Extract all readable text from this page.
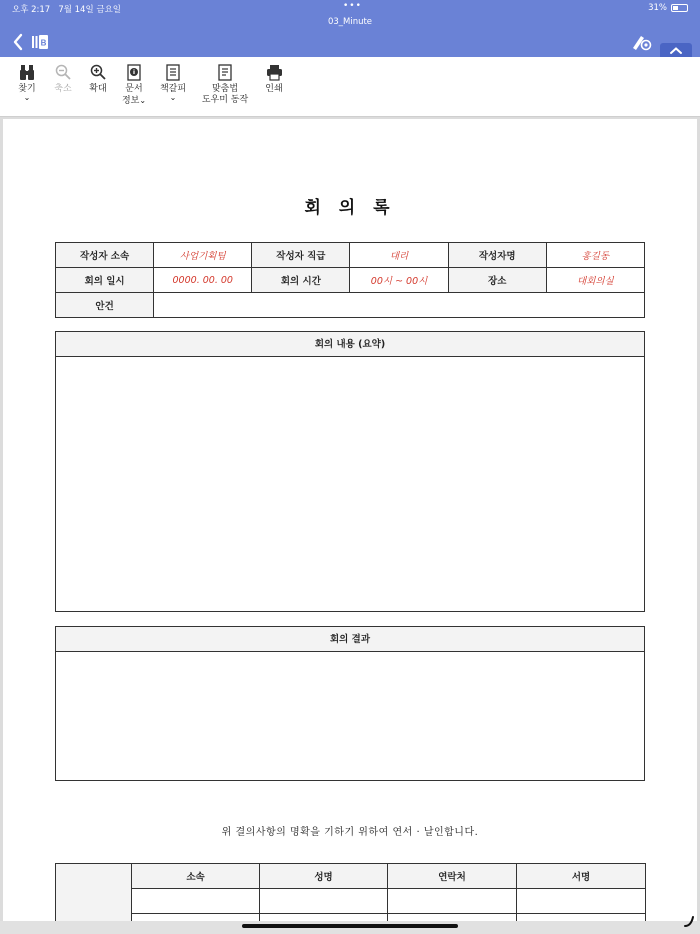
오후 2:17 7월 14일 금요일	•••	31%
03_Minute
B
찾기
⌄
축소	확대	문서
정보⌄
책갈피
⌄
맞춤법
도우미 동작
인쇄
회 의 록
작성자 소속	사업기획팀	작성자 직급	대리	작성자명	홍길동
회의 일시	0000. 00. 00	회의 시간	00시 ~ 00시	장소	대회의실
안건					
회의 내용 (요약)
회의 결과
위 결의사항의 명확을 기하기 위하여 연서 · 날인합니다.
	소속	성명	연락처	서명
